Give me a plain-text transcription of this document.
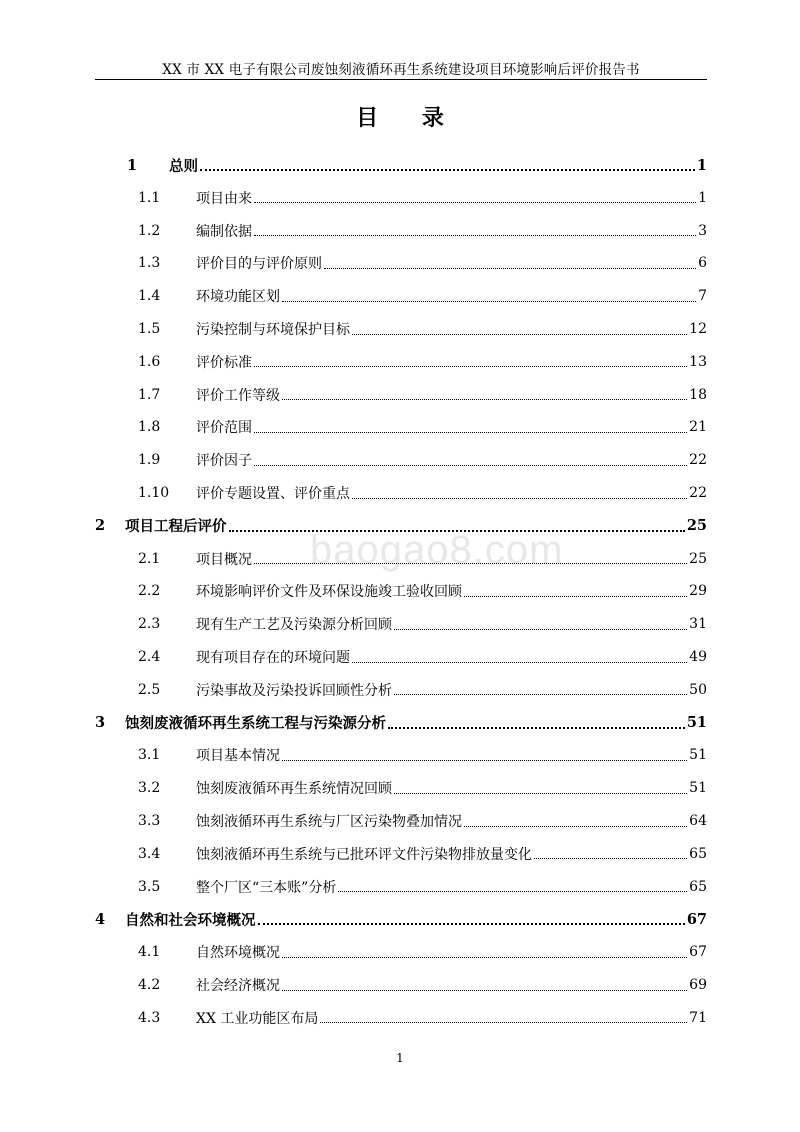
XX 市 XX 电子有限公司废蚀刻液循环再生系统建设项目环境影响后评价报告书
目 录
baogao8.com
1	总则	1
1.1	项目由来	1
1.2	编制依据	3
1.3	评价目的与评价原则	6
1.4	环境功能区划	7
1.5	污染控制与环境保护目标	12
1.6	评价标准	13
1.7	评价工作等级	18
1.8	评价范围	21
1.9	评价因子	22
1.10	评价专题设置、评价重点	22
2	项目工程后评价	25
2.1	项目概况	25
2.2	环境影响评价文件及环保设施竣工验收回顾	29
2.3	现有生产工艺及污染源分析回顾	31
2.4	现有项目存在的环境问题	49
2.5	污染事故及污染投诉回顾性分析	50
3	蚀刻废液循环再生系统工程与污染源分析	51
3.1	项目基本情况	51
3.2	蚀刻废液循环再生系统情况回顾	51
3.3	蚀刻液循环再生系统与厂区污染物叠加情况	64
3.4	蚀刻液循环再生系统与已批环评文件污染物排放量变化	65
3.5	整个厂区“三本账”分析	65
4	自然和社会环境概况	67
4.1	自然环境概况	67
4.2	社会经济概况	69
4.3	XX 工业功能区布局	71
1
